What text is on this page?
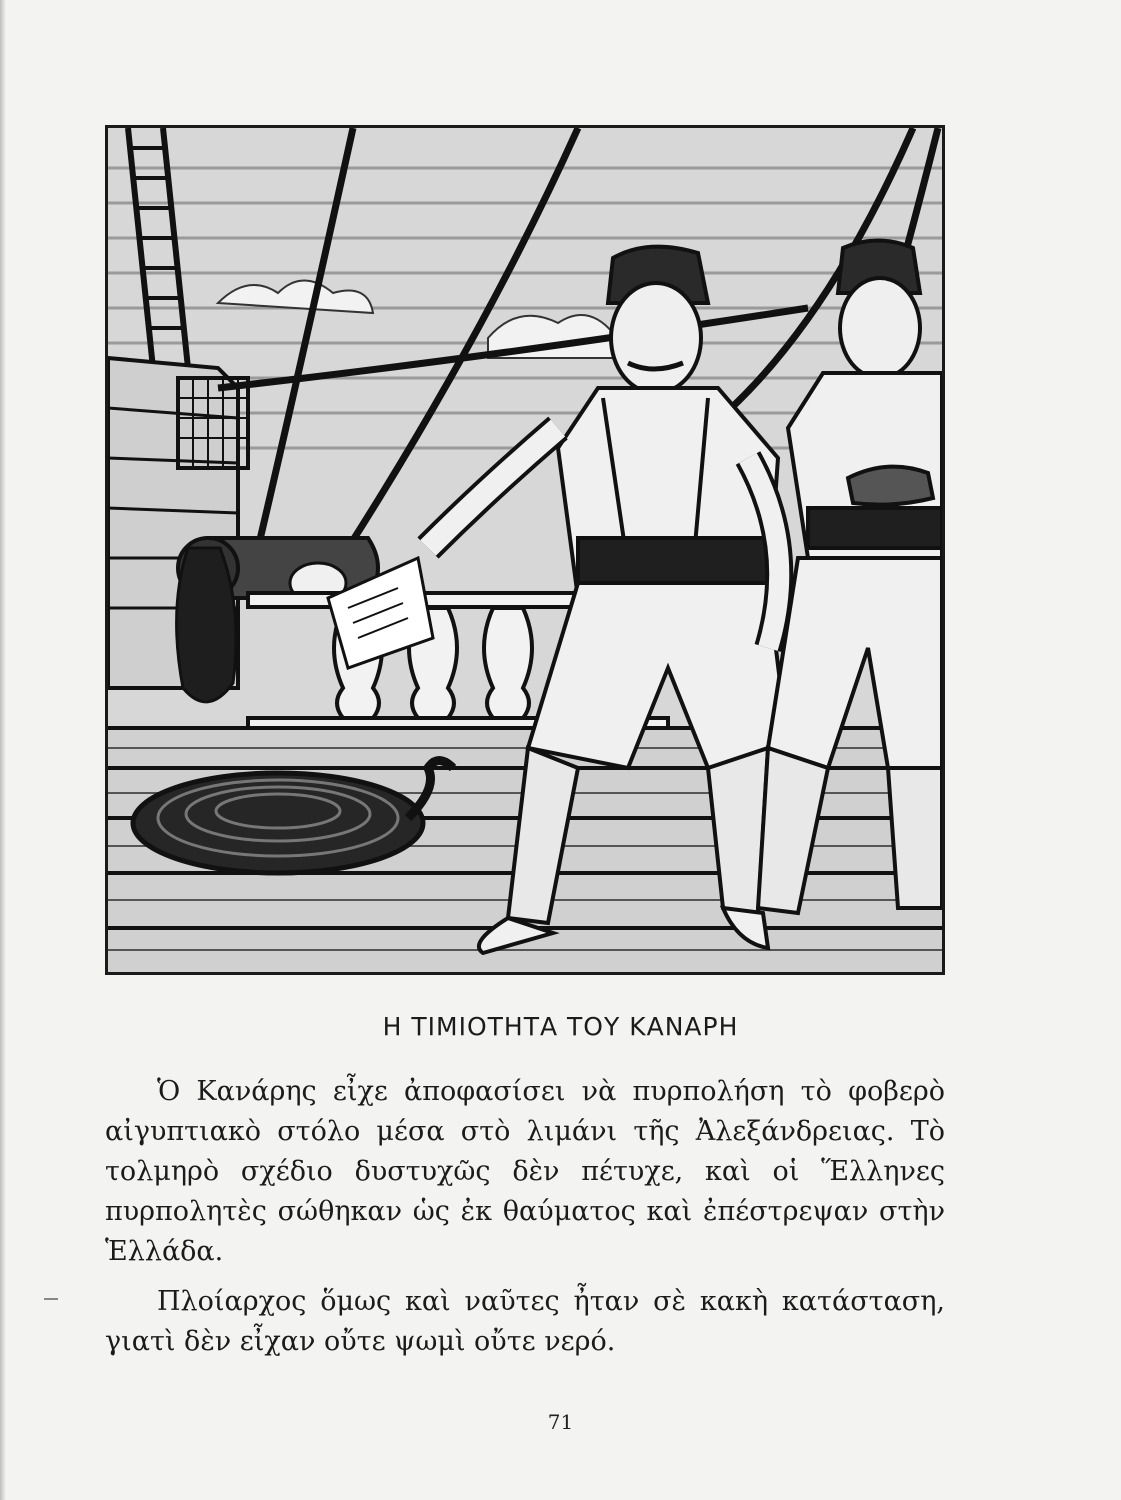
Η ΤΙΜΙΟΤΗΤΑ ΤΟΥ ΚΑΝΑΡΗ

Ὁ Κανάρης εἶχε ἀποφασίσει νὰ πυρπολήση τὸ φοβερὸ αἰγυπτιακὸ στόλο μέσα στὸ λιμάνι τῆς Ἀλεξάνδρειας. Τὸ τολμηρὸ σχέδιο δυστυχῶς δὲν πέτυχε, καὶ οἱ Ἕλληνες πυρπολητὲς σώθηκαν ὡς ἐκ θαύματος καὶ ἐπέστρεψαν στὴν Ἑλλάδα.

Πλοίαρχος ὅμως καὶ ναῦτες ἦταν σὲ κακὴ κατάσταση, γιατὶ δὲν εἶχαν οὔτε ψωμὶ οὔτε νερό.

71
